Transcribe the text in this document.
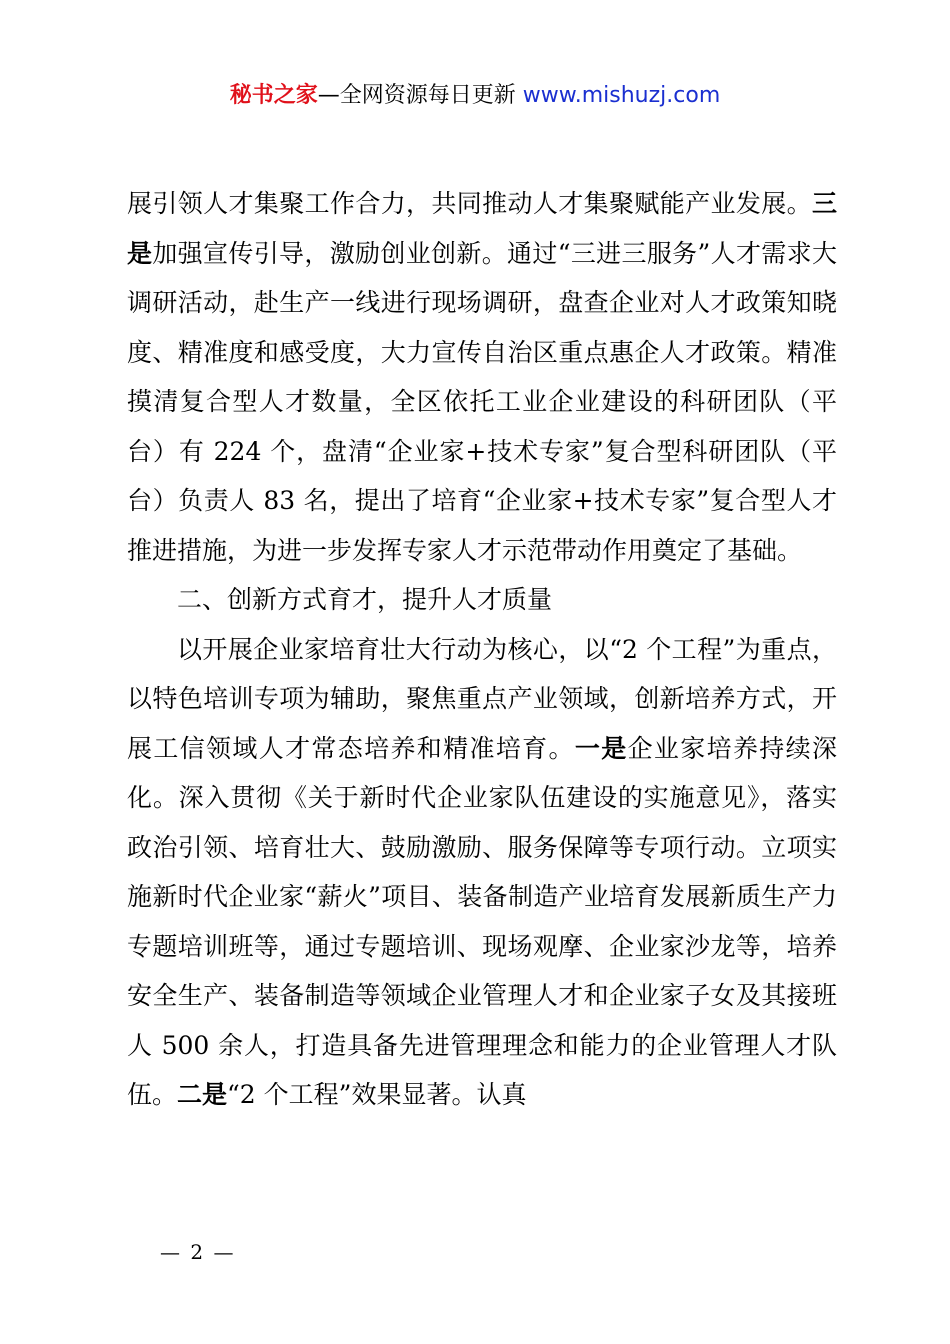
秘书之家—全网资源每日更新 www.mishuzj.com

展引领人才集聚工作合力，共同推动人才集聚赋能产业发展。三是加强宣传引导，激励创业创新。通过“三进三服务”人才需求大调研活动，赴生产一线进行现场调研，盘查企业对人才政策知晓度、精准度和感受度，大力宣传自治区重点惠企人才政策。精准摸清复合型人才数量，全区依托工业企业建设的科研团队（平台）有 224 个，盘清“企业家+技术专家”复合型科研团队（平台）负责人 83 名，提出了培育“企业家+技术专家”复合型人才推进措施，为进一步发挥专家人才示范带动作用奠定了基础。

二、创新方式育才，提升人才质量

以开展企业家培育壮大行动为核心，以“2 个工程”为重点，以特色培训专项为辅助，聚焦重点产业领域，创新培养方式，开展工信领域人才常态培养和精准培育。一是企业家培养持续深化。深入贯彻《关于新时代企业家队伍建设的实施意见》，落实政治引领、培育壮大、鼓励激励、服务保障等专项行动。立项实施新时代企业家“薪火”项目、装备制造产业培育发展新质生产力专题培训班等，通过专题培训、现场观摩、企业家沙龙等，培养安全生产、装备制造等领域企业管理人才和企业家子女及其接班人 500 余人，打造具备先进管理理念和能力的企业管理人才队伍。二是“2 个工程”效果显著。认真

— 2 —
